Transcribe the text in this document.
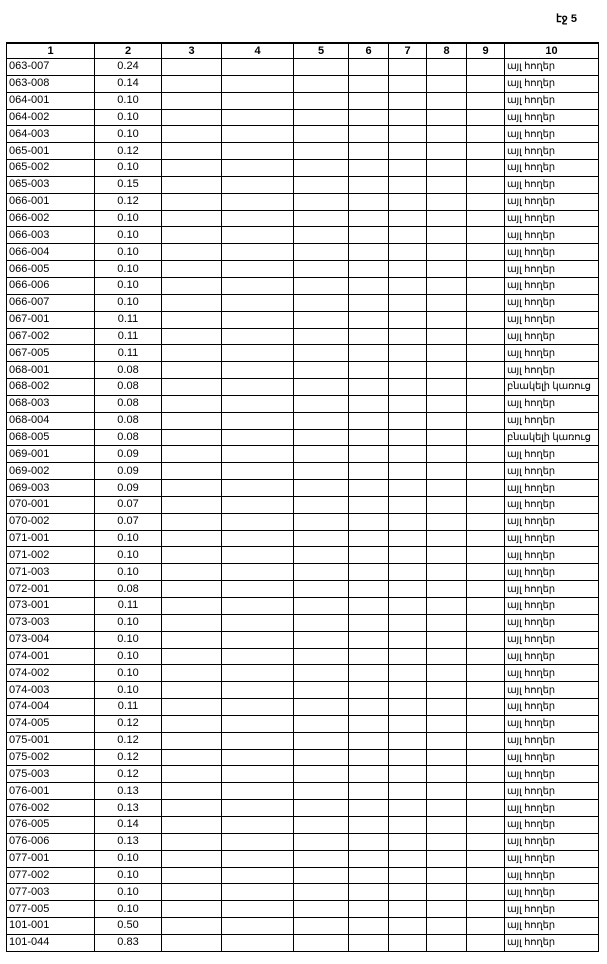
էջ 5
1	2	3	4	5	6	7	8	9	10
063-007	0.24								այլ հողեր
063-008	0.14								այլ հողեր
064-001	0.10								այլ հողեր
064-002	0.10								այլ հողեր
064-003	0.10								այլ հողեր
065-001	0.12								այլ հողեր
065-002	0.10								այլ հողեր
065-003	0.15								այլ հողեր
066-001	0.12								այլ հողեր
066-002	0.10								այլ հողեր
066-003	0.10								այլ հողեր
066-004	0.10								այլ հողեր
066-005	0.10								այլ հողեր
066-006	0.10								այլ հողեր
066-007	0.10								այլ հողեր
067-001	0.11								այլ հողեր
067-002	0.11								այլ հողեր
067-005	0.11								այլ հողեր
068-001	0.08								այլ հողեր
068-002	0.08								բնակելի կառուց
068-003	0.08								այլ հողեր
068-004	0.08								այլ հողեր
068-005	0.08								բնակելի կառուց
069-001	0.09								այլ հողեր
069-002	0.09								այլ հողեր
069-003	0.09								այլ հողեր
070-001	0.07								այլ հողեր
070-002	0.07								այլ հողեր
071-001	0.10								այլ հողեր
071-002	0.10								այլ հողեր
071-003	0.10								այլ հողեր
072-001	0.08								այլ հողեր
073-001	0.11								այլ հողեր
073-003	0.10								այլ հողեր
073-004	0.10								այլ հողեր
074-001	0.10								այլ հողեր
074-002	0.10								այլ հողեր
074-003	0.10								այլ հողեր
074-004	0.11								այլ հողեր
074-005	0.12								այլ հողեր
075-001	0.12								այլ հողեր
075-002	0.12								այլ հողեր
075-003	0.12								այլ հողեր
076-001	0.13								այլ հողեր
076-002	0.13								այլ հողեր
076-005	0.14								այլ հողեր
076-006	0.13								այլ հողեր
077-001	0.10								այլ հողեր
077-002	0.10								այլ հողեր
077-003	0.10								այլ հողեր
077-005	0.10								այլ հողեր
101-001	0.50								այլ հողեր
101-044	0.83								այլ հողեր
